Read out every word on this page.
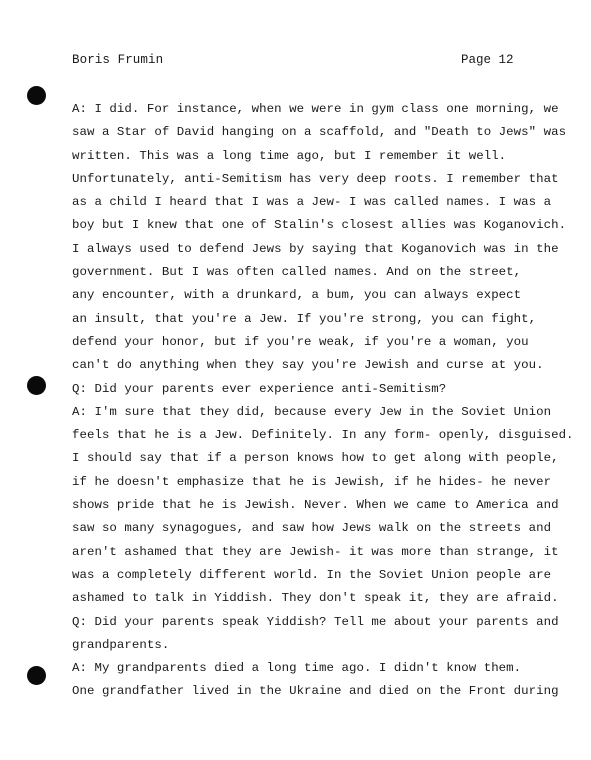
Boris Frumin	Page 12
A: I did. For instance, when we were in gym class one morning, we
saw a Star of David hanging on a scaffold, and "Death to Jews" was
written. This was a long time ago, but I remember it well.
Unfortunately, anti-Semitism has very deep roots. I remember that
as a child I heard that I was a Jew- I was called names. I was a
boy but I knew that one of Stalin's closest allies was Koganovich.
I always used to defend Jews by saying that Koganovich was in the
government. But I was often called names. And on the street,
any encounter, with a drunkard, a bum, you can always expect
an insult, that you're a Jew. If you're strong, you can fight,
defend your honor, but if you're weak, if you're a woman, you
can't do anything when they say you're Jewish and curse at you.
Q: Did your parents ever experience anti-Semitism?
A: I'm sure that they did, because every Jew in the Soviet Union
feels that he is a Jew. Definitely. In any form- openly, disguised.
I should say that if a person knows how to get along with people,
if he doesn't emphasize that he is Jewish, if he hides- he never
shows pride that he is Jewish. Never. When we came to America and
saw so many synagogues, and saw how Jews walk on the streets and
aren't ashamed that they are Jewish- it was more than strange, it
was a completely different world. In the Soviet Union people are
ashamed to talk in Yiddish. They don't speak it, they are afraid.
Q: Did your parents speak Yiddish? Tell me about your parents and
grandparents.
A: My grandparents died a long time ago. I didn't know them.
One grandfather lived in the Ukraine and died on the Front during
